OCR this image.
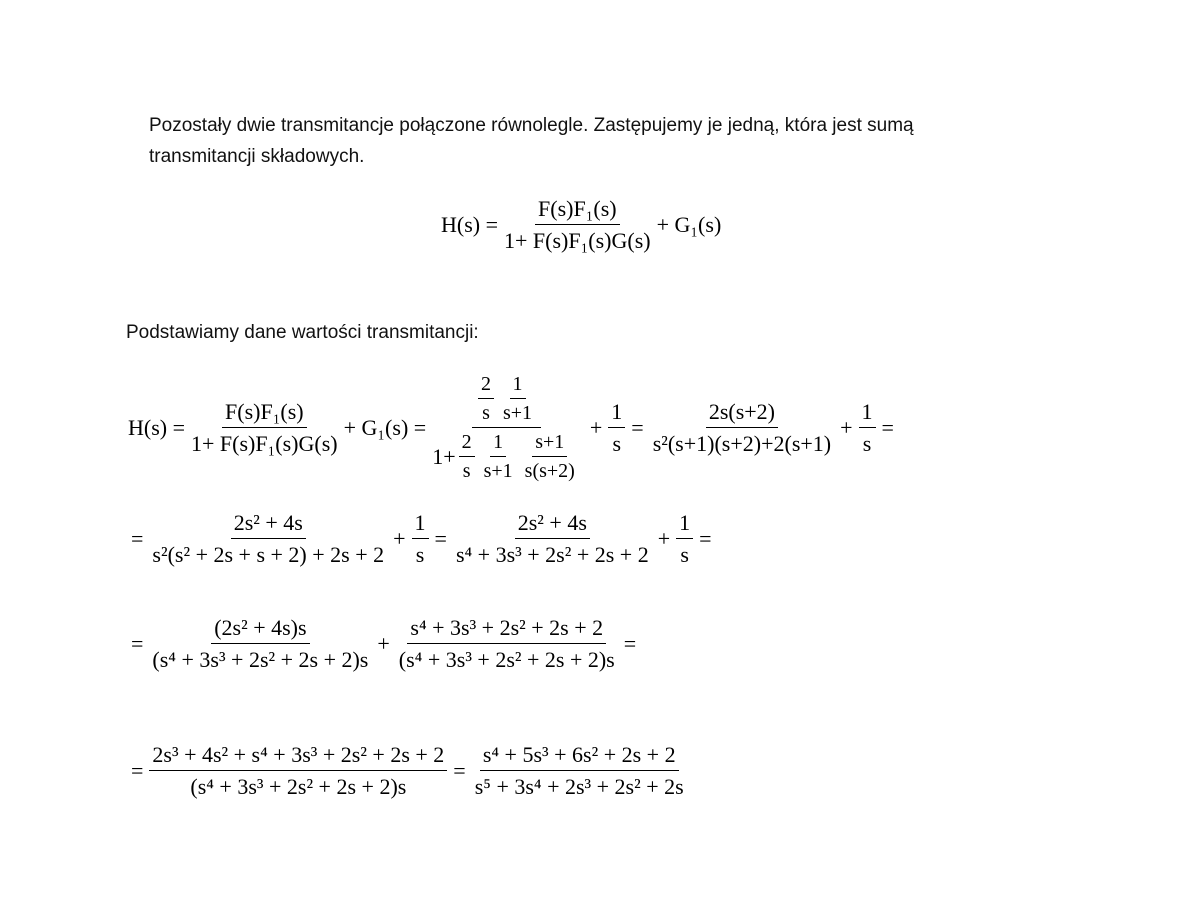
Pozostały dwie transmitancje połączone równolegle. Zastępujemy je jedną, która jest sumą
transmitancji składowych.
$H(s) = \frac{\text{F(s)F₁(s)}}{\text{1+ F(s)F₁(s)G(s)}} + G_1(s)$
Podstawiamy dane wartości transmitancji:
$H(s) = \frac{\text{F(s)F₁(s)}}{\text{1+ F(s)F₁(s)G(s)}} + G_1(s)$ =
$\frac{2}{s} \frac{1}{s+1}$
$1+ \frac{2}{s} \frac{1}{s+1} \frac{s+1}{s(s+2)}$
+ $\frac{1}{s} = \frac{2s(s+2)}{\text{s²(s+1)(s+2)+2(s+1)}} + \frac{1}{s}$ =
= $\frac{\text{2s² + 4s}}{\text{s²(s² + 2s + s + 2) + 2s + 2}} + \frac{1}{s} = \frac{\text{2s² + 4s}}{\text{s⁴ + 3s³ + 2s² + 2s + 2}} + \frac{1}{s}$ =
= $\frac{\text{(2s² + 4s)s}}{\text{(s⁴ + 3s³ + 2s² + 2s + 2)s}} + \frac{\text{s⁴ + 3s³ + 2s² + 2s + 2}}{\text{(s⁴ + 3s³ + 2s² + 2s + 2)s}}$ =
= $\frac{\text{2s³ + 4s² + s⁴ + 3s³ + 2s² + 2s + 2}}{\text{(s⁴ + 3s³ + 2s² + 2s + 2)s}} = \frac{\text{s⁴ + 5s³ + 6s² + 2s + 2}}{\text{s⁵ + 3s⁴ + 2s³ + 2s² + 2s}}$
